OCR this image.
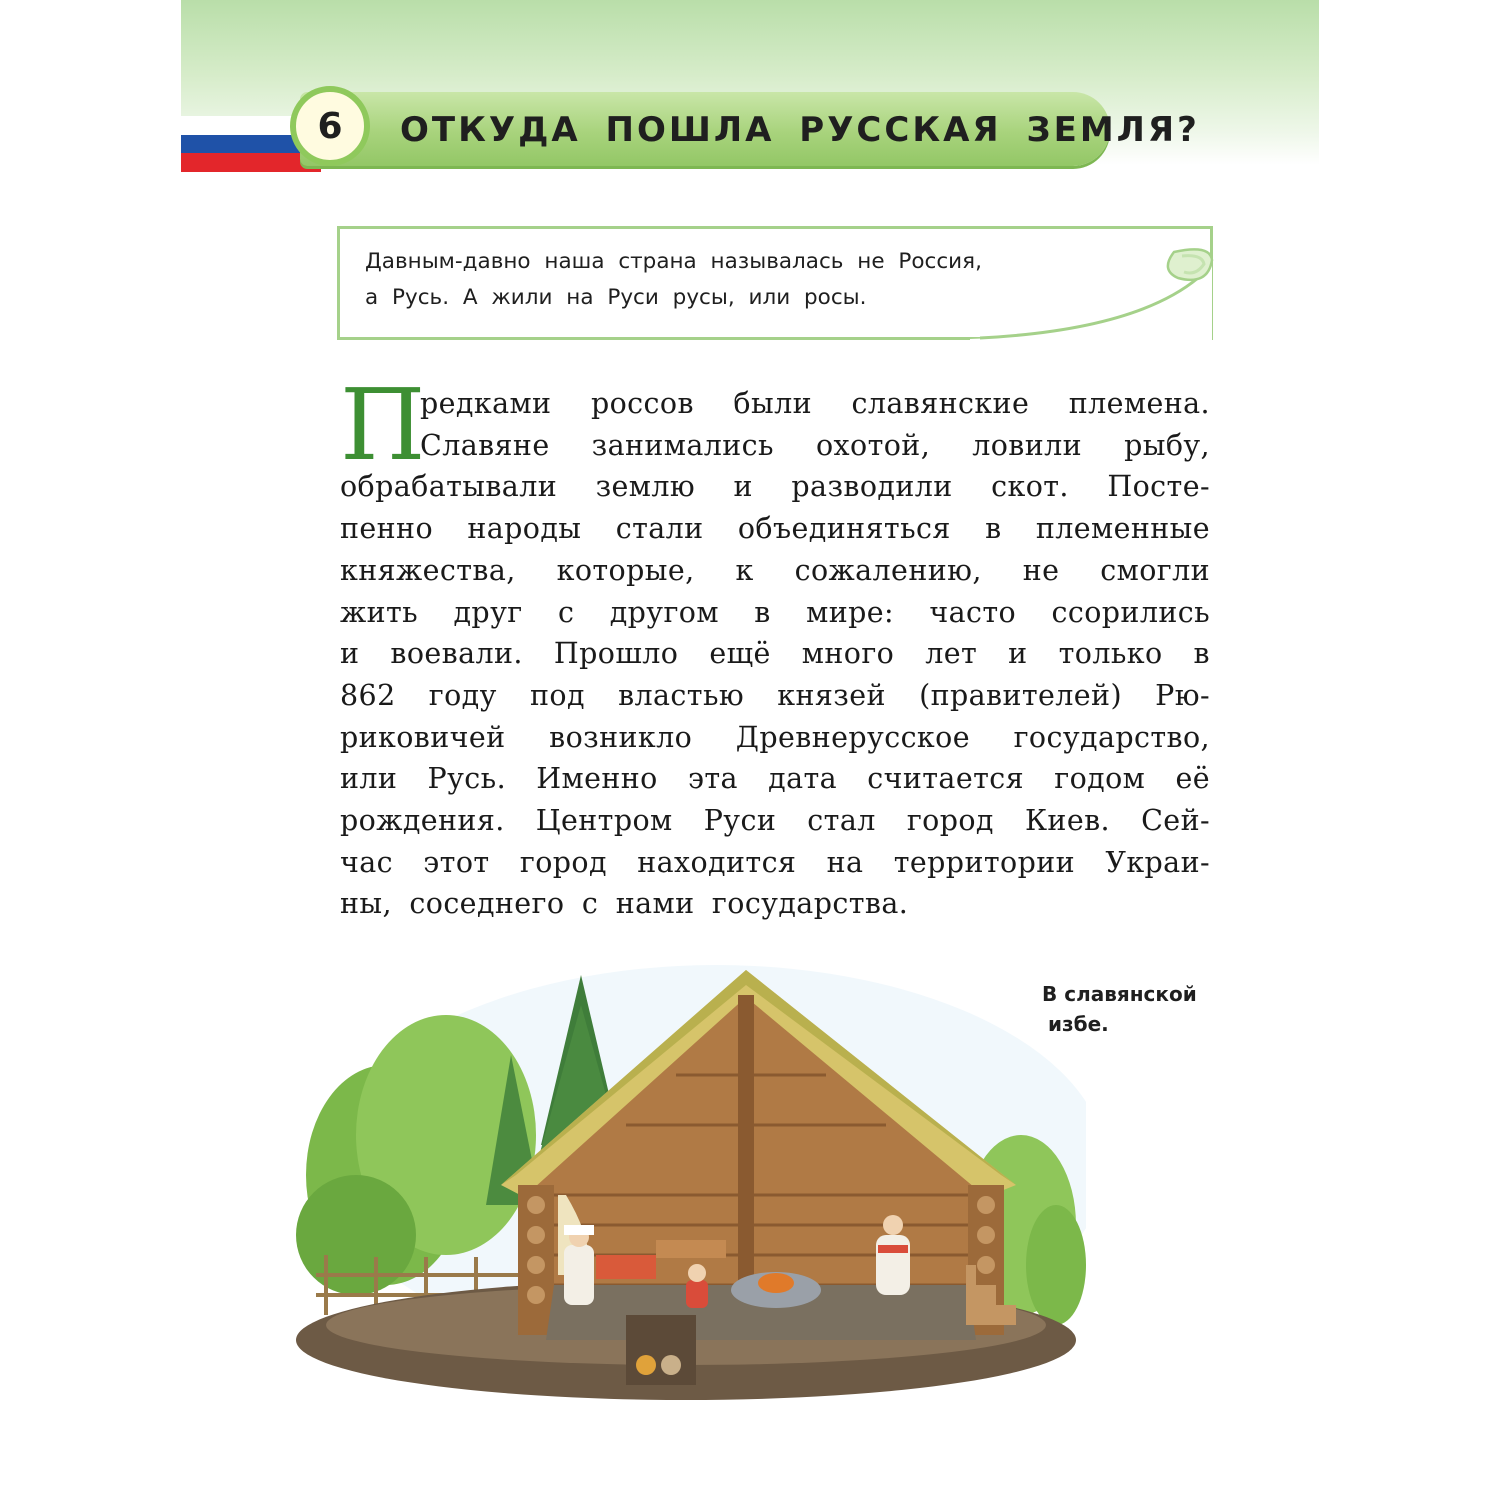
6	ОТКУДА ПОШЛА РУССКАЯ ЗЕМЛЯ?
Давным-давно наша страна называлась не Россия,
а Русь. А жили на Руси русы, или росы.
П
редками россов были славянские племена.
Славяне занимались охотой, ловили рыбу,
обрабатывали землю и разводили скот. Посте-
пенно народы стали объединяться в племенные
княжества, которые, к сожалению, не смогли
жить друг с другом в мире: часто ссорились
и воевали. Прошло ещё много лет и только в
862 году под властью князей (правителей) Рю-
риковичей возникло Древнерусское государство,
или Русь. Именно эта дата считается годом её
рождения. Центром Руси стал город Киев. Сей-
час этот город находится на территории Украи-
ны, соседнего с нами государства.
В славянской
избе.
